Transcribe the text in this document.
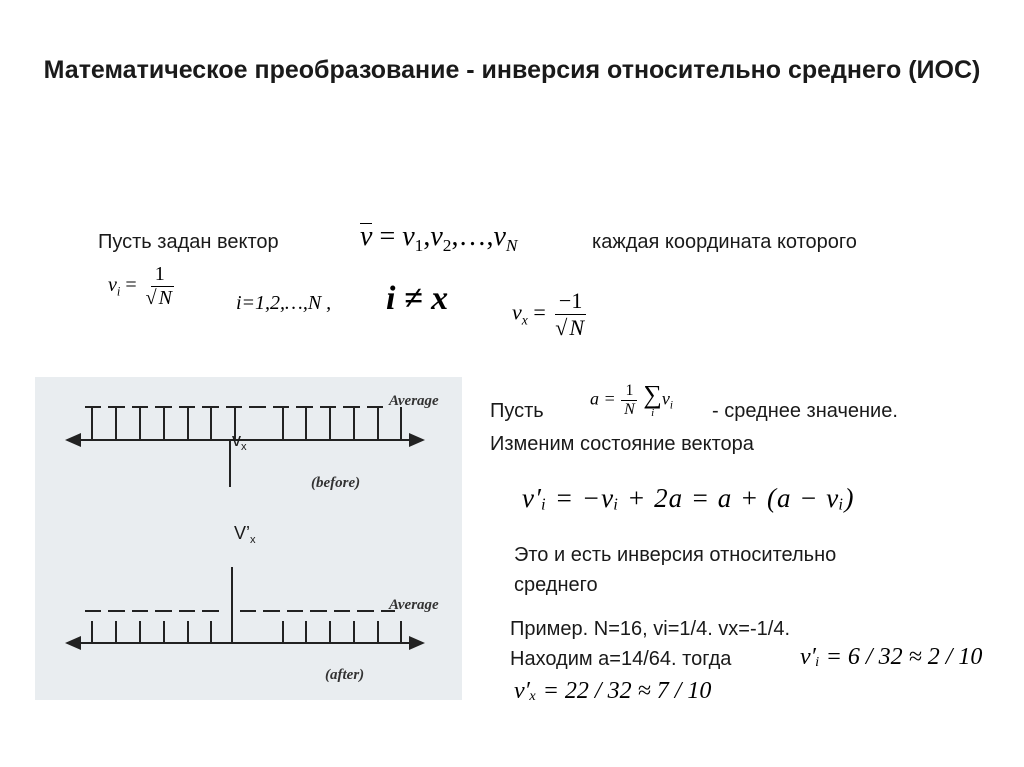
Математическое преобразование - инверсия относительно среднего (ИОС)
Пусть задан вектор	v
= $v_1,v_2,\dots,v_N$	каждая координата которого
$v_i = \frac{1}{√ N}$	i=1,2,…,N , i ≠ x	$v_x = \frac{-1}{√N}$
Average
(before)
$v_x$
$V’_x$
Average
(after)
Пусть
$a = \frac{1}{N}$
∑
i
$v_i$ - среднее значение.
Изменим состояние вектора
v′ᵢ = −vᵢ + 2a = a + (a − vᵢ)
Это и есть инверсия относительно
среднего
Пример. N=16, vi=1/4. vx=-1/4.
Находим a=14/64. тогда	v′ᵢ = 6 / 32 ≈ 2 / 10
v′ₓ = 22 / 32 ≈ 7 / 10
